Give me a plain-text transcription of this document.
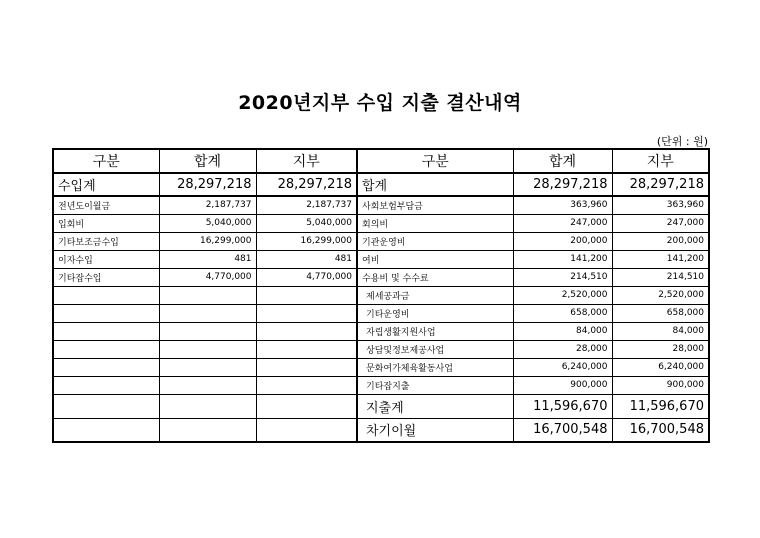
2020년지부 수입 지출 결산내역
(단위 : 원)
구분	합계	지부	구분	합계	지부
수입계	28,297,218	28,297,218	합계	28,297,218	28,297,218
전년도이월금	2,187,737	2,187,737	사회보험부담금	363,960	363,960
입회비	5,040,000	5,040,000	회의비	247,000	247,000
기타보조금수입	16,299,000	16,299,000	기관운영비	200,000	200,000
이자수입	481	481	여비	141,200	141,200
기타잡수입	4,770,000	4,770,000	수용비 및 수수료	214,510	214,510
			제세공과금	2,520,000	2,520,000
			기타운영비	658,000	658,000
			자립생활지원사업	84,000	84,000
			상담및정보제공사업	28,000	28,000
			문화여가체육활동사업	6,240,000	6,240,000
			기타잡지출	900,000	900,000
			지출계	11,596,670	11,596,670
			차기이월	16,700,548	16,700,548
